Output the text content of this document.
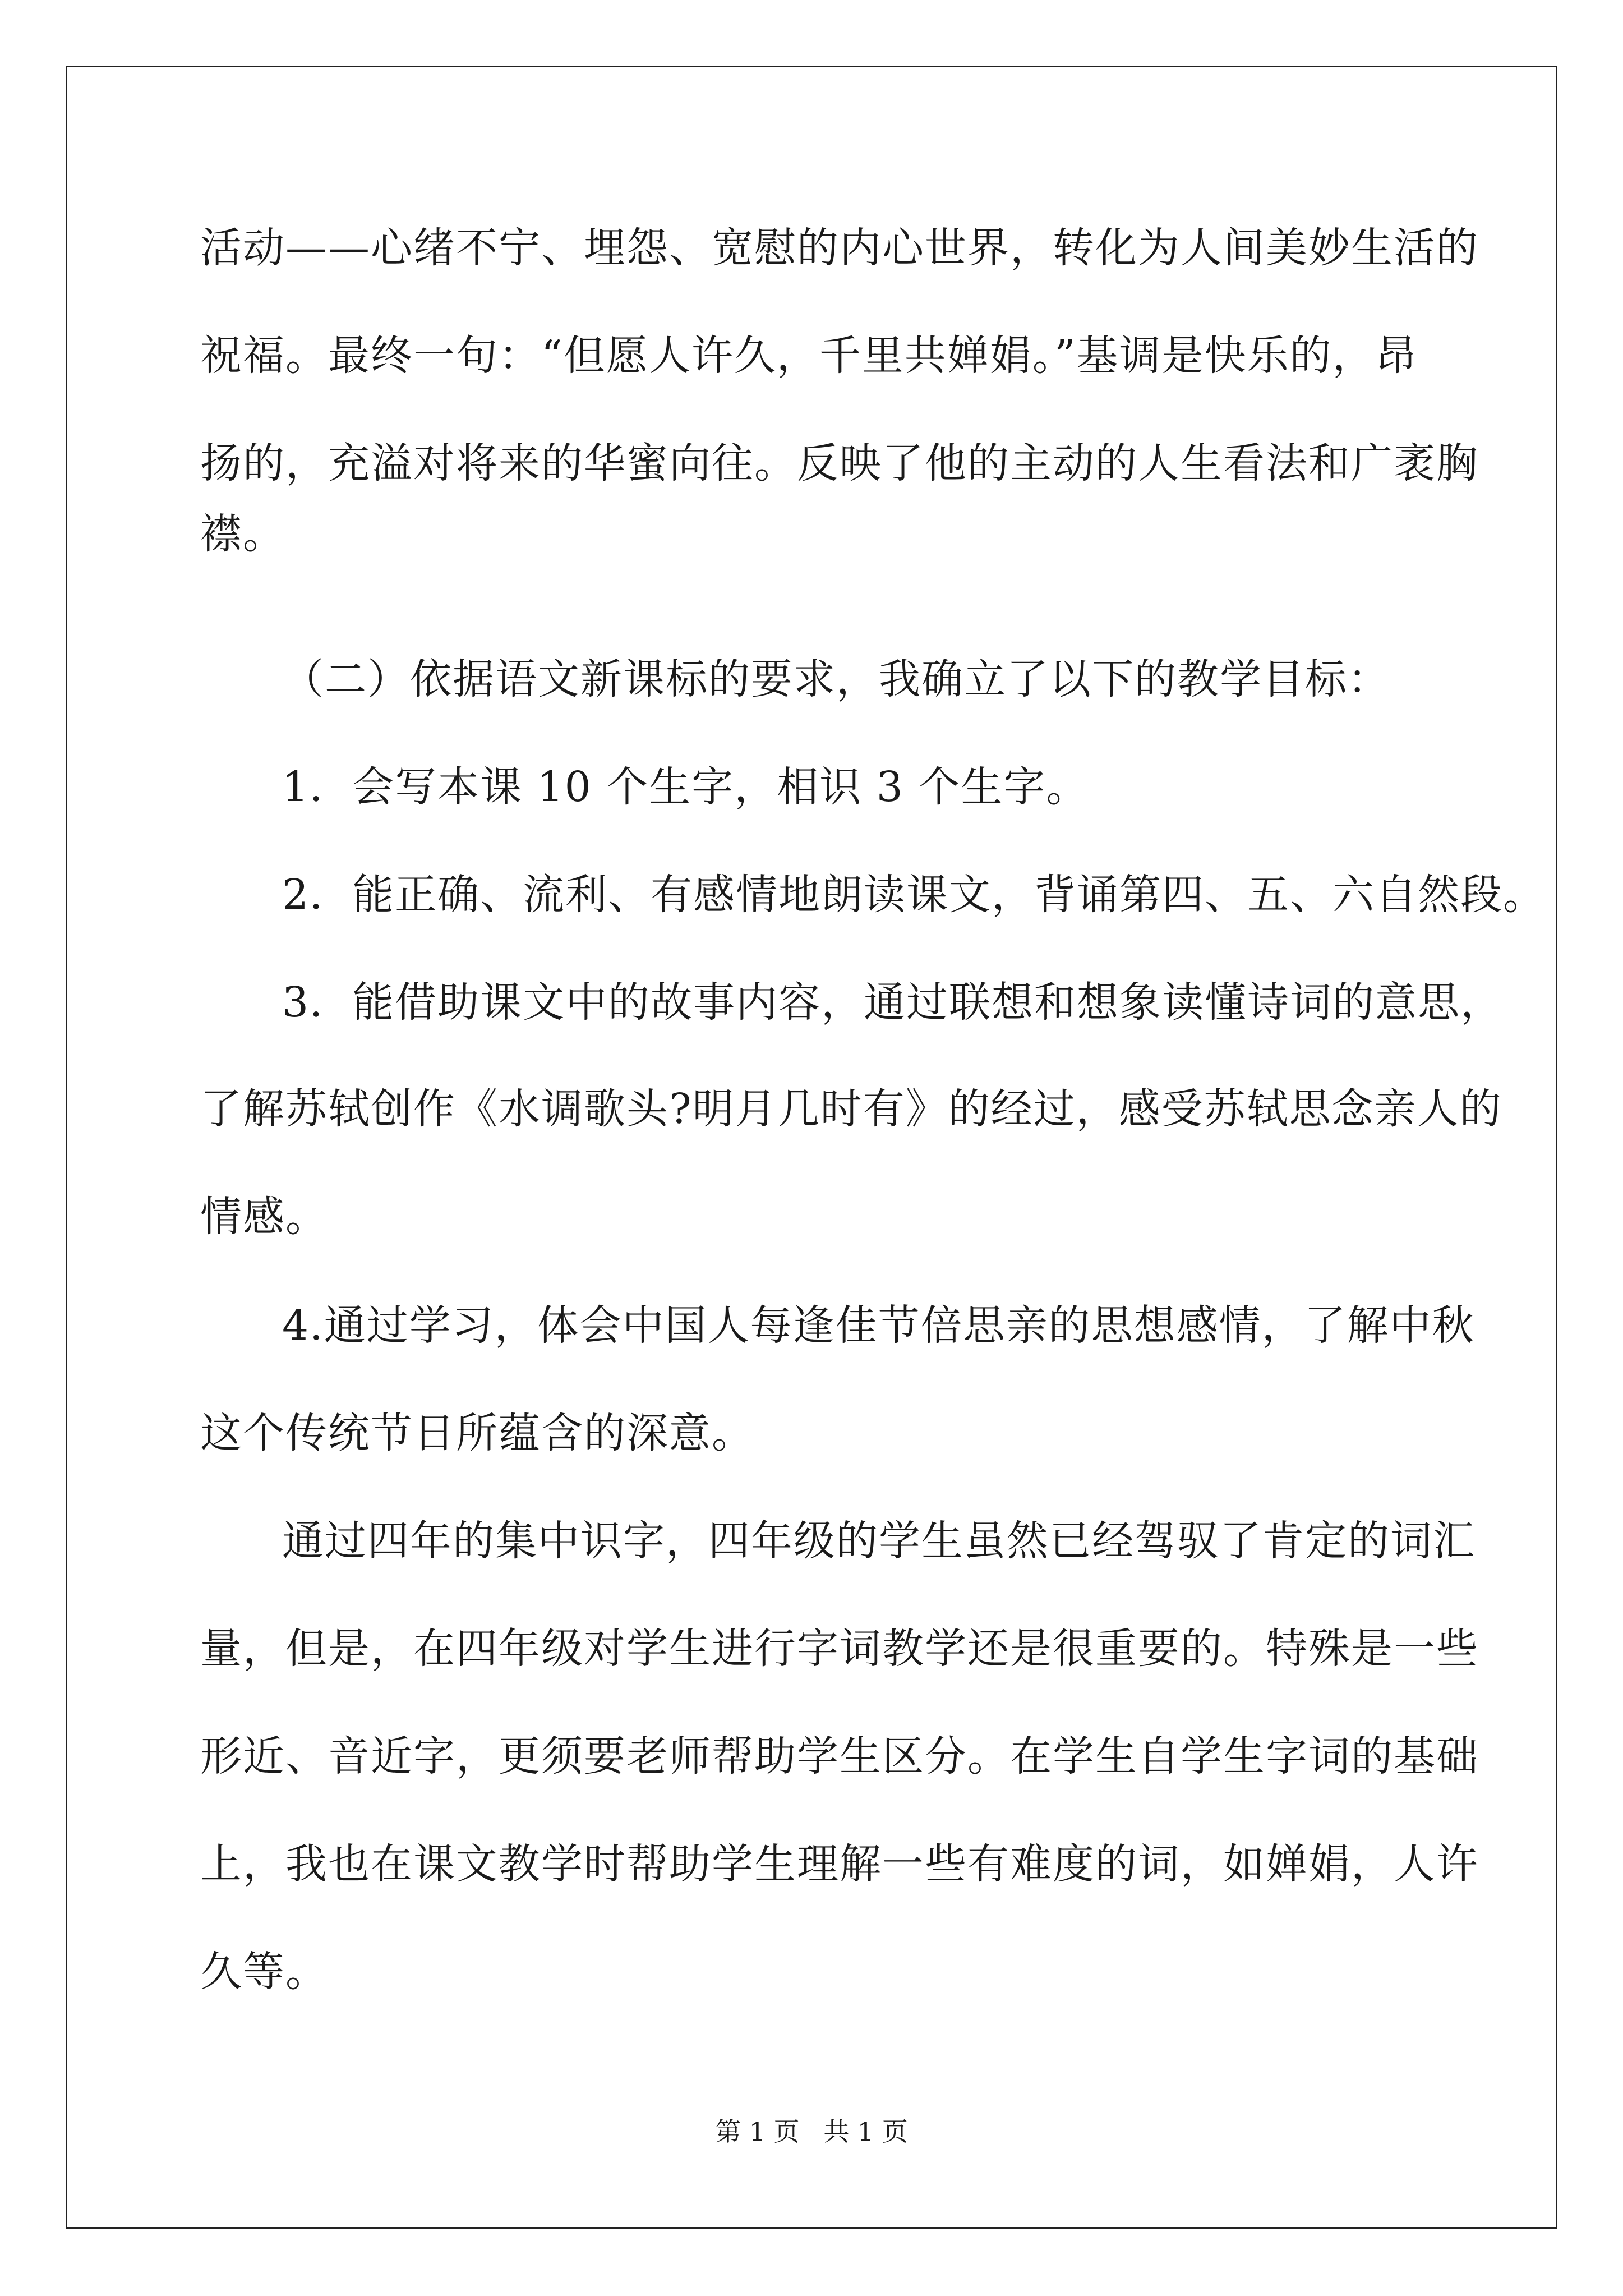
活动——心绪不宁、埋怨、宽慰的内心世界，转化为人间美妙生活的
祝福。最终一句：“但愿人许久，千里共婵娟。”基调是快乐的，昂
扬的，充溢对将来的华蜜向往。反映了他的主动的人生看法和广袤胸
襟。
（二）依据语文新课标的要求，我确立了以下的教学目标：
1．会写本课 10 个生字，相识 3 个生字。
2．能正确、流利、有感情地朗读课文，背诵第四、五、六自然段。
3．能借助课文中的故事内容，通过联想和想象读懂诗词的意思，
了解苏轼创作《水调歌头?明月几时有》的经过，感受苏轼思念亲人的
情感。
4.通过学习，体会中国人每逢佳节倍思亲的思想感情，了解中秋
这个传统节日所蕴含的深意。
通过四年的集中识字，四年级的学生虽然已经驾驭了肯定的词汇
量，但是，在四年级对学生进行字词教学还是很重要的。特殊是一些
形近、音近字，更须要老师帮助学生区分。在学生自学生字词的基础
上，我也在课文教学时帮助学生理解一些有难度的词，如婵娟，人许
久等。
第 1 页 共 1 页
